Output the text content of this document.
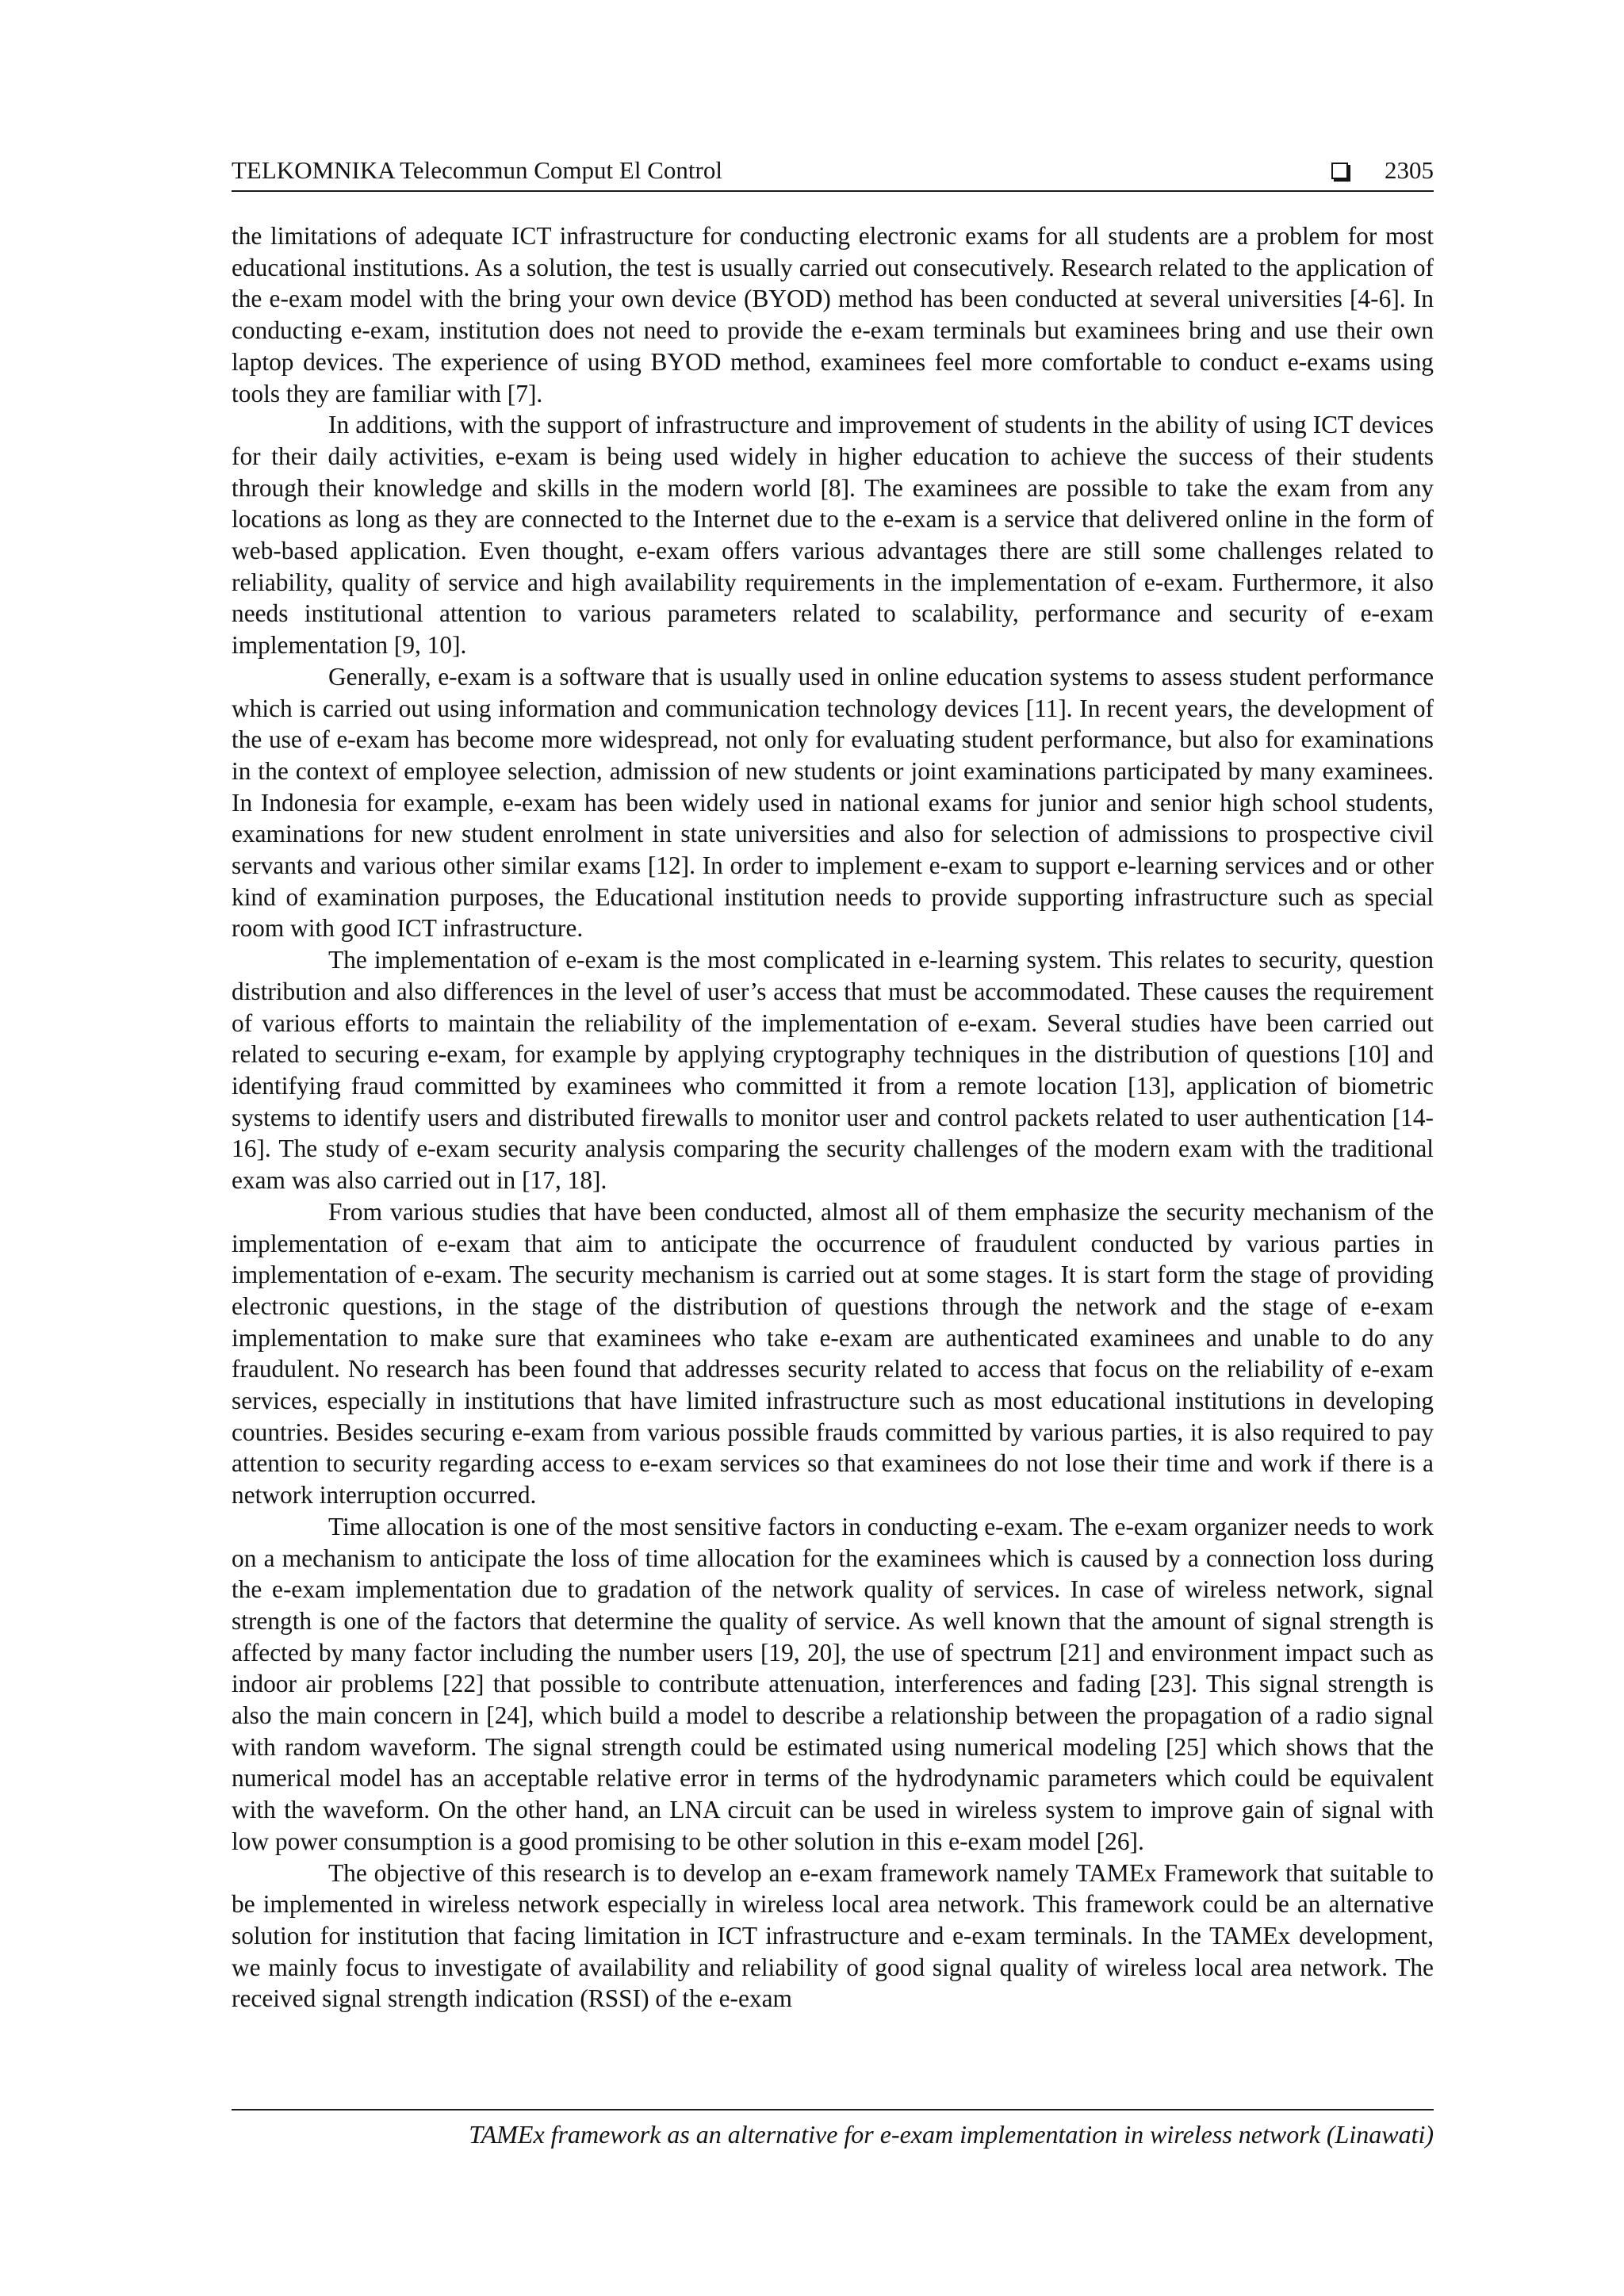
TELKOMNIKA Telecommun Comput El Control	2305

the limitations of adequate ICT infrastructure for conducting electronic exams for all students are a problem for most educational institutions. As a solution, the test is usually carried out consecutively. Research related to the application of the e-exam model with the bring your own device (BYOD) method has been conducted at several universities [4-6]. In conducting e-exam, institution does not need to provide the e-exam terminals but examinees bring and use their own laptop devices. The experience of using BYOD method, examinees feel more comfortable to conduct e-exams using tools they are familiar with [7].

In additions, with the support of infrastructure and improvement of students in the ability of using ICT devices for their daily activities, e-exam is being used widely in higher education to achieve the success of their students through their knowledge and skills in the modern world [8]. The examinees are possible to take the exam from any locations as long as they are connected to the Internet due to the e-exam is a service that delivered online in the form of web-based application. Even thought, e-exam offers various advantages there are still some challenges related to reliability, quality of service and high availability requirements in the implementation of e-exam. Furthermore, it also needs institutional attention to various parameters related to scalability, performance and security of e-exam implementation [9, 10].

Generally, e-exam is a software that is usually used in online education systems to assess student performance which is carried out using information and communication technology devices [11]. In recent years, the development of the use of e-exam has become more widespread, not only for evaluating student performance, but also for examinations in the context of employee selection, admission of new students or joint examinations participated by many examinees. In Indonesia for example, e-exam has been widely used in national exams for junior and senior high school students, examinations for new student enrolment in state universities and also for selection of admissions to prospective civil servants and various other similar exams [12]. In order to implement e-exam to support e-learning services and or other kind of examination purposes, the Educational institution needs to provide supporting infrastructure such as special room with good ICT infrastructure.

The implementation of e-exam is the most complicated in e-learning system. This relates to security, question distribution and also differences in the level of user’s access that must be accommodated. These causes the requirement of various efforts to maintain the reliability of the implementation of e-exam. Several studies have been carried out related to securing e-exam, for example by applying cryptography techniques in the distribution of questions [10] and identifying fraud committed by examinees who committed it from a remote location [13], application of biometric systems to identify users and distributed firewalls to monitor user and control packets related to user authentication [14-16]. The study of e-exam security analysis comparing the security challenges of the modern exam with the traditional exam was also carried out in [17, 18].

From various studies that have been conducted, almost all of them emphasize the security mechanism of the implementation of e-exam that aim to anticipate the occurrence of fraudulent conducted by various parties in implementation of e-exam. The security mechanism is carried out at some stages. It is start form the stage of providing electronic questions, in the stage of the distribution of questions through the network and the stage of e-exam implementation to make sure that examinees who take e-exam are authenticated examinees and unable to do any fraudulent. No research has been found that addresses security related to access that focus on the reliability of e-exam services, especially in institutions that have limited infrastructure such as most educational institutions in developing countries. Besides securing e-exam from various possible frauds committed by various parties, it is also required to pay attention to security regarding access to e-exam services so that examinees do not lose their time and work if there is a network interruption occurred.

Time allocation is one of the most sensitive factors in conducting e-exam. The e-exam organizer needs to work on a mechanism to anticipate the loss of time allocation for the examinees which is caused by a connection loss during the e-exam implementation due to gradation of the network quality of services. In case of wireless network, signal strength is one of the factors that determine the quality of service. As well known that the amount of signal strength is affected by many factor including the number users [19, 20], the use of spectrum [21] and environment impact such as indoor air problems [22] that possible to contribute attenuation, interferences and fading [23]. This signal strength is also the main concern in [24], which build a model to describe a relationship between the propagation of a radio signal with random waveform. The signal strength could be estimated using numerical modeling [25] which shows that the numerical model has an acceptable relative error in terms of the hydrodynamic parameters which could be equivalent with the waveform. On the other hand, an LNA circuit can be used in wireless system to improve gain of signal with low power consumption is a good promising to be other solution in this e-exam model [26].

The objective of this research is to develop an e-exam framework namely TAMEx Framework that suitable to be implemented in wireless network especially in wireless local area network. This framework could be an alternative solution for institution that facing limitation in ICT infrastructure and e-exam terminals. In the TAMEx development, we mainly focus to investigate of availability and reliability of good signal quality of wireless local area network. The received signal strength indication (RSSI) of the e-exam

TAMEx framework as an alternative for e-exam implementation in wireless network (Linawati)
